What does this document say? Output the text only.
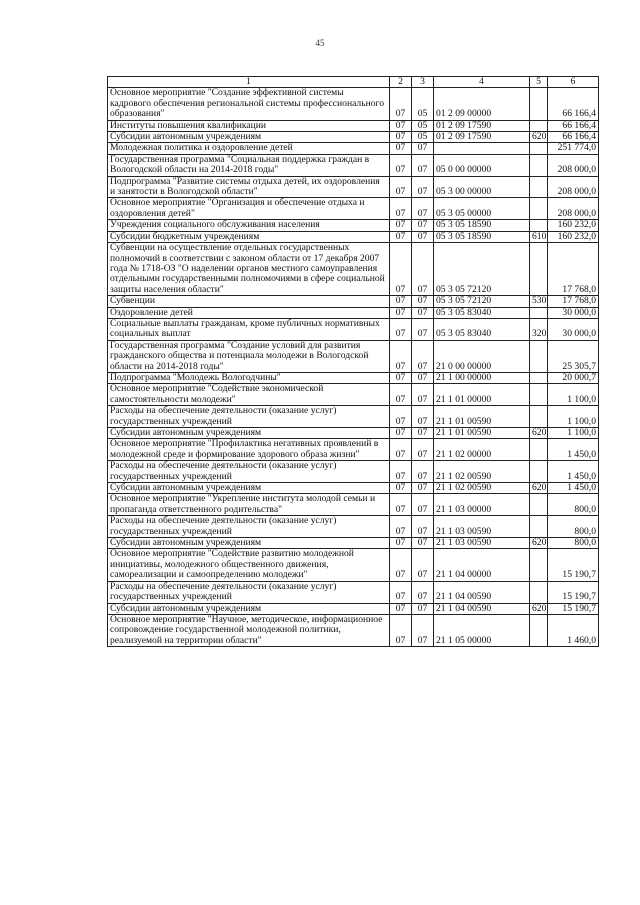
45
1	2	3	4	5	6
Основное мероприятие "Создание эффективной системы кадрового обеспечения региональной системы профессионального образования"	07	05	01 2 09 00000		66 166,4
Институты повышения квалификации	07	05	01 2 09 17590		66 166,4
Субсидии автономным учреждениям	07	05	01 2 09 17590	620	66 166,4
Молодежная политика и оздоровление детей	07	07			251 774,0
Государственная программа "Социальная поддержка граждан в Вологодской области на 2014-2018 годы"	07	07	05 0 00 00000		208 000,0
Подпрограмма "Развитие системы отдыха детей, их оздоровления и занятости в Вологодской области"	07	07	05 3 00 00000		208 000,0
Основное мероприятие "Организация и обеспечение отдыха и оздоровления детей"	07	07	05 3 05 00000		208 000,0
Учреждения социального обслуживания населения	07	07	05 3 05 18590		160 232,0
Субсидии бюджетным учреждениям	07	07	05 3 05 18590	610	160 232,0
Субвенции на осуществление отдельных государственных полномочий в соответствии с законом области от 17 декабря 2007 года № 1718-ОЗ "О наделении органов местного самоуправления отдельными государственными полномочиями в сфере социальной защиты населения области"	07	07	05 3 05 72120		17 768,0
Субвенции	07	07	05 3 05 72120	530	17 768,0
Оздоровление детей	07	07	05 3 05 83040		30 000,0
Социальные выплаты гражданам, кроме публичных нормативных социальных выплат	07	07	05 3 05 83040	320	30 000,0
Государственная программа "Создание условий для развития гражданского общества и потенциала молодежи в Вологодской области на 2014-2018 годы"	07	07	21 0 00 00000		25 305,7
Подпрограмма "Молодежь Вологодчины"	07	07	21 1 00 00000		20 000,7
Основное мероприятие "Содействие экономической самостоятельности молодежи"	07	07	21 1 01 00000		1 100,0
Расходы на обеспечение деятельности (оказание услуг) государственных учреждений	07	07	21 1 01 00590		1 100,0
Субсидии автономным учреждениям	07	07	21 1 01 00590	620	1 100,0
Основное мероприятие "Профилактика негативных проявлений в молодежной среде и формирование здорового образа жизни"	07	07	21 1 02 00000		1 450,0
Расходы на обеспечение деятельности (оказание услуг) государственных учреждений	07	07	21 1 02 00590		1 450,0
Субсидии автономным учреждениям	07	07	21 1 02 00590	620	1 450,0
Основное мероприятие "Укрепление института молодой семьи и пропаганда ответственного родительства"	07	07	21 1 03 00000		800,0
Расходы на обеспечение деятельности (оказание услуг) государственных учреждений	07	07	21 1 03 00590		800,0
Субсидии автономным учреждениям	07	07	21 1 03 00590	620	800,0
Основное мероприятие "Содействие развитию молодежной инициативы, молодежного общественного движения, самореализации и самоопределению молодежи"	07	07	21 1 04 00000		15 190,7
Расходы на обеспечение деятельности (оказание услуг) государственных учреждений	07	07	21 1 04 00590		15 190,7
Субсидии автономным учреждениям	07	07	21 1 04 00590	620	15 190,7
Основное мероприятие "Научное, методическое, информационное сопровождение государственной молодежной политики, реализуемой на территории области"	07	07	21 1 05 00000		1 460,0
